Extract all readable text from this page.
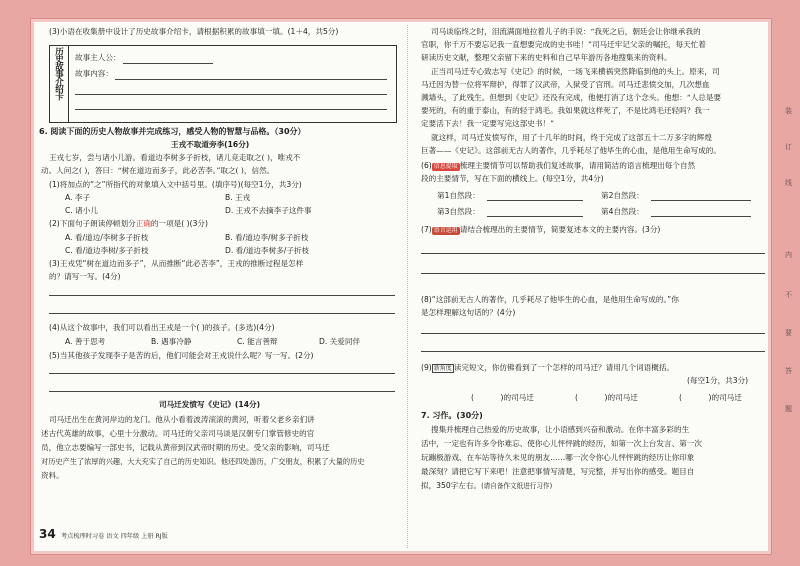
(3)小语在收集册中设计了历史故事介绍卡，请根据积累的故事填一填。(1＋4，共5分)
历史故事介绍卡 故事主人公：
故事内容：
6. 阅读下面的历史人物故事并完成练习，感受人物的智慧与品格。（30分）
王戎不取道旁李(16分)
王戎七岁，尝与诸小儿游。看道边李树多子折枝，诸儿竞走取之( )，唯戎不
动。人问之( )，答曰：“树在道边而多子，此必苦李。”取之( )，信然。
(1)将加点的“之”所指代的对象填入文中括号里。(填序号)(每空1分，共3分)
A. 李子	B. 王戎
C. 诸小儿	D. 王戎不去摘李子这件事
(2)下面句子朗读停顿划分正确的一项是( )(3分)
A. 看/道边/李树多子折枝	B. 看/道边李/树多子折枝
C. 看/道边李树/多子折枝	D. 看/道边李树多/子折枝
(3)王戎凭“树在道边而多子”，从而推断“此必苦李”，王戎的推断过程是怎样
的？请写一写。(4分)
(4)从这个故事中，我们可以看出王戎是一个( )的孩子。(多选)(4分)
A. 善于思考	B. 遇事冷静	C. 能言善辩	D. 关爱同伴
(5)当其他孩子发现李子是苦的后，他们可能会对王戎说什么呢？写一写。(2分)
司马迁发愤写《史记》(14分)
司马迁出生在黄河岸边的龙门。他从小看着波涛滚滚的黄河，听着父老乡亲们讲
述古代英雄的故事，心里十分激动。司马迁的父亲司马谈是汉朝专门掌管修史的官
员，他立志要编写一部史书，记载从黄帝到汉武帝时期的历史。受父亲的影响，司马迁
对历史产生了浓厚的兴趣，大大充实了自己的历史知识。他还四处游历，广交朋友，积累了大量的历史
资料。
34 考点梳理时习卷 语文 四年级 上册 RJ版
司马谈临终之时，泪流满面地拉着儿子的手说：“我死之后，朝廷会让你继承我的
官职，你千万不要忘记我一直想要完成的史书哇！”司马迁牢记父亲的嘱托，每天忙着
研读历史文献，整理父亲留下来的史料和自己早年游历各地搜集来的资料。
正当司马迁专心致志写《史记》的时候，一场飞来横祸突然降临到他的头上。原来，司
马迁因为替一位将军辩护，得罪了汉武帝，入狱受了宫刑。司马迁悲愤交加，几次想血
溅墙头，了此残生。但想到《史记》还没有完成，他便打消了这个念头。他想：“人总是要
要死的，有的重于泰山，有的轻于鸿毛。我如果就这样死了，不是比鸿毛还轻吗？我一
定要活下去！我一定要写完这部史书！”
就这样，司马迁发愤写作，用了十几年的时间，终于完成了这部五十二万多字的辉煌
巨著——《史记》。这部前无古人的著作，几乎耗尽了他毕生的心血，是他用生命写成的。
(6) 信息提取 梳理主要情节可以帮助我们复述故事，请用简洁的语言梳理出每个自然
段的主要情节，写在下面的横线上。(每空1分，共4分)
第1自然段：	第2自然段：
第3自然段：	第4自然段：
(7) 语言运用 请结合梳理出的主要情节，简要复述本文的主要内容。(3分)
(8)“这部前无古人的著作，几乎耗尽了他毕生的心血，是他用生命写成的。”你
是怎样理解这句话的？(4分)
(9) 新角度 读完短文，你仿佛看到了一个怎样的司马迁？请用几个词语概括。
(每空1分，共3分)
(           )的司马迁	(           )的司马迁	(           )的司马迁
7. 习作。(30分)
搜集并梳理自己热爱的历史故事，让小语感到兴奋和激动。在你丰富多彩的生
活中，一定也有许多令你难忘、使你心儿怦怦跳的经历，如第一次上台发言、第一次
玩蹦极游戏、在车站等待久未见的朋友……哪一次令你心儿怦怦跳的经历让你印象
最深刻？请把它写下来吧！注意把事情写清楚，写完整，并写出你的感受。题目自
拟，350字左右。(请自备作文纸进行习作)
装
订
线
内
不
要
答
题
